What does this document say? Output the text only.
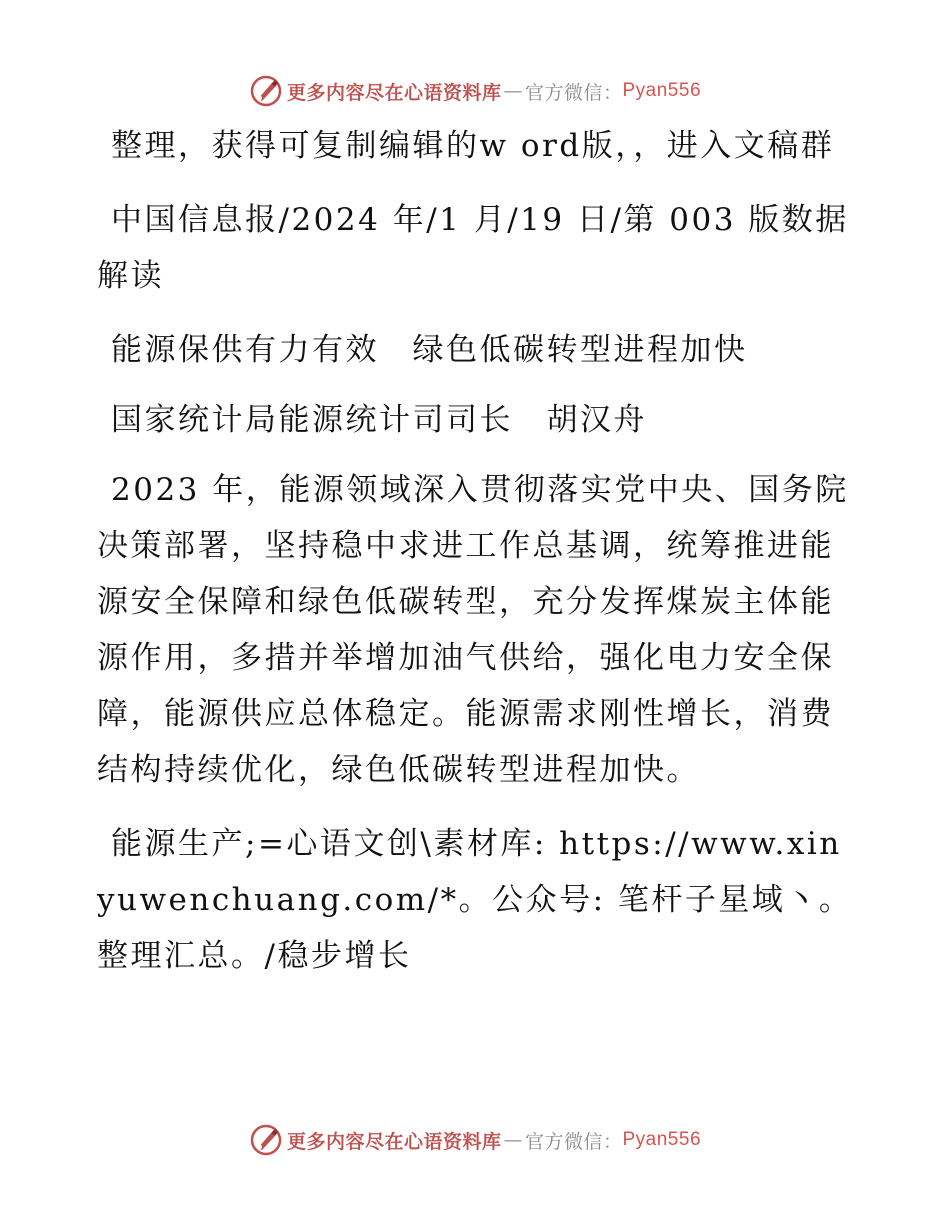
更多内容尽在心语资料库 — 官方微信： Pyan556

整理，获得可复制编辑的w ord版，，进入文稿群

中国信息报/2024 年/1 月/19 日/第 003 版数据解读

能源保供有力有效　绿色低碳转型进程加快

国家统计局能源统计司司长　胡汉舟

2023 年，能源领域深入贯彻落实党中央、国务院决策部署，坚持稳中求进工作总基调，统筹推进能源安全保障和绿色低碳转型，充分发挥煤炭主体能源作用，多措并举增加油气供给，强化电力安全保障，能源供应总体稳定。能源需求刚性增长，消费结构持续优化，绿色低碳转型进程加快。

能源生产;=心语文创\素材库: https://www.xinyuwenchuang.com/*。公众号: 笔杆子星域丶。整理汇总。/稳步增长

更多内容尽在心语资料库 — 官方微信： Pyan556
